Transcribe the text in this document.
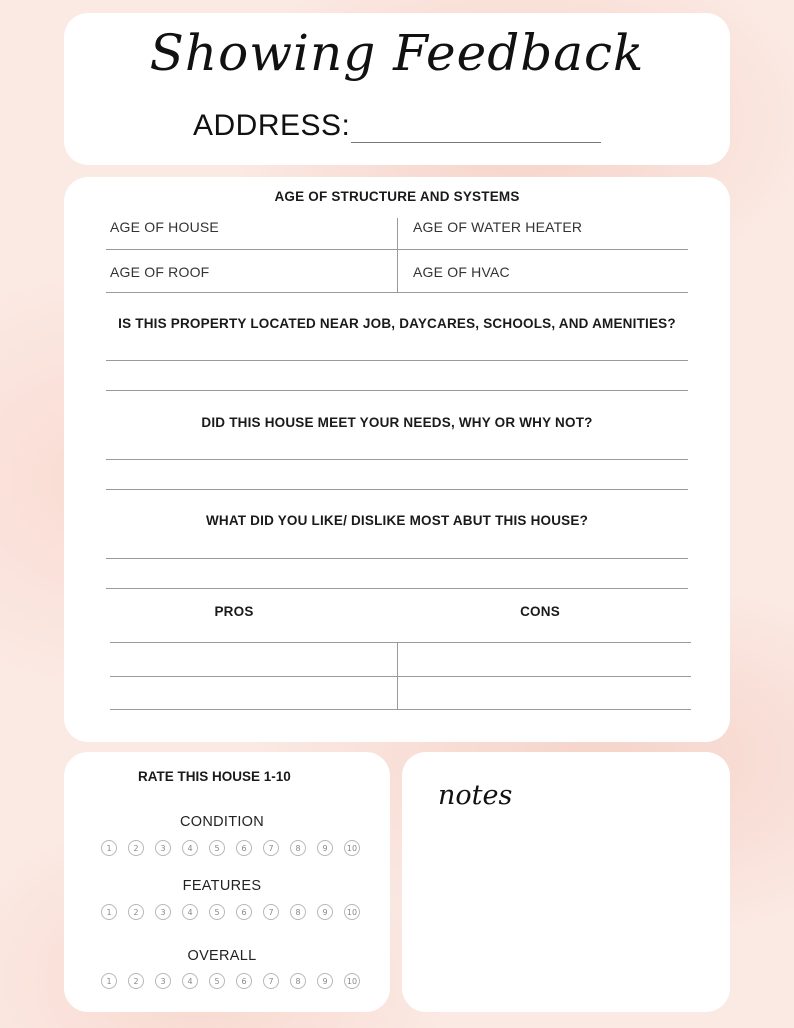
Showing Feedback
ADDRESS:
AGE OF STRUCTURE AND SYSTEMS
AGE OF HOUSE	AGE OF WATER HEATER
AGE OF ROOF	AGE OF HVAC
IS THIS PROPERTY LOCATED NEAR JOB, DAYCARES, SCHOOLS, AND AMENITIES?
DID THIS HOUSE MEET YOUR NEEDS, WHY OR WHY NOT?
WHAT DID YOU LIKE/ DISLIKE MOST ABUT THIS HOUSE?
PROS	CONS
RATE THIS HOUSE 1-10
CONDITION
1	2	3	4	5	6	7	8	9	10
FEATURES
1	2	3	4	5	6	7	8	9	10
OVERALL
1	2	3	4	5	6	7	8	9	10
notes
